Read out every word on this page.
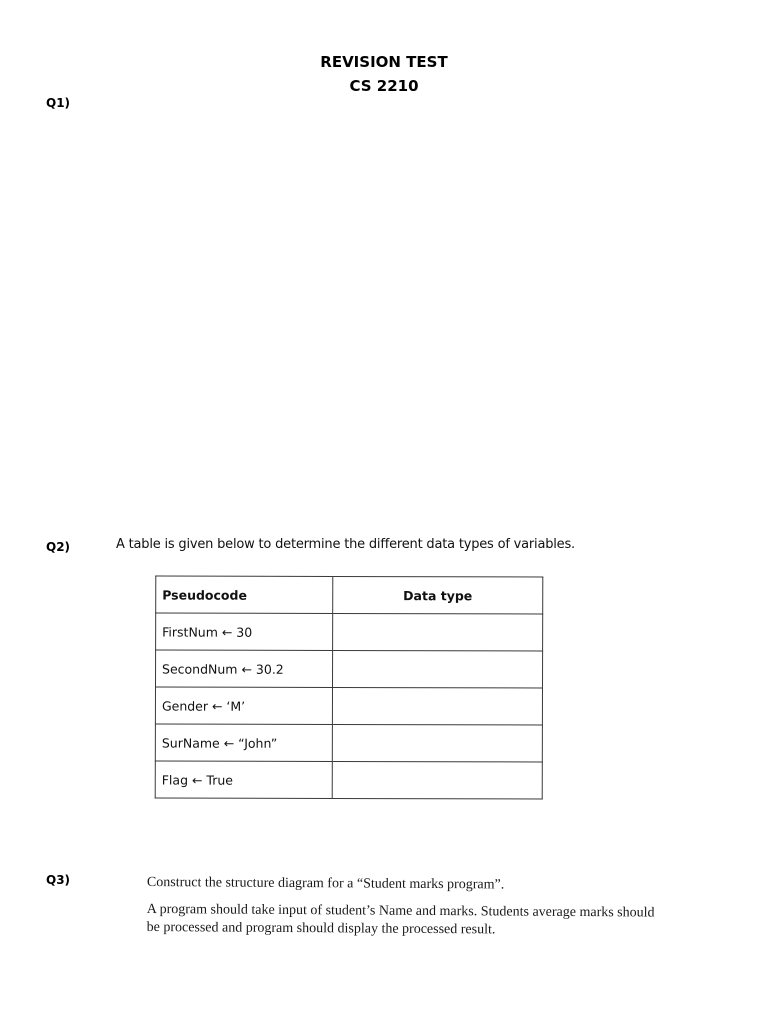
REVISION TEST
CS 2210
Q1)
Q2)	A table is given below to determine the different data types of variables.
Pseudocode	Data type
FirstNum ← 30	
SecondNum ← 30.2	
Gender ← ‘M’	
SurName ← “John”	
Flag ← True	
Q3)	Construct the structure diagram for a “Student marks program”.

A program should take input of student’s Name and marks. Students average marks should be processed and program should display the processed result.
